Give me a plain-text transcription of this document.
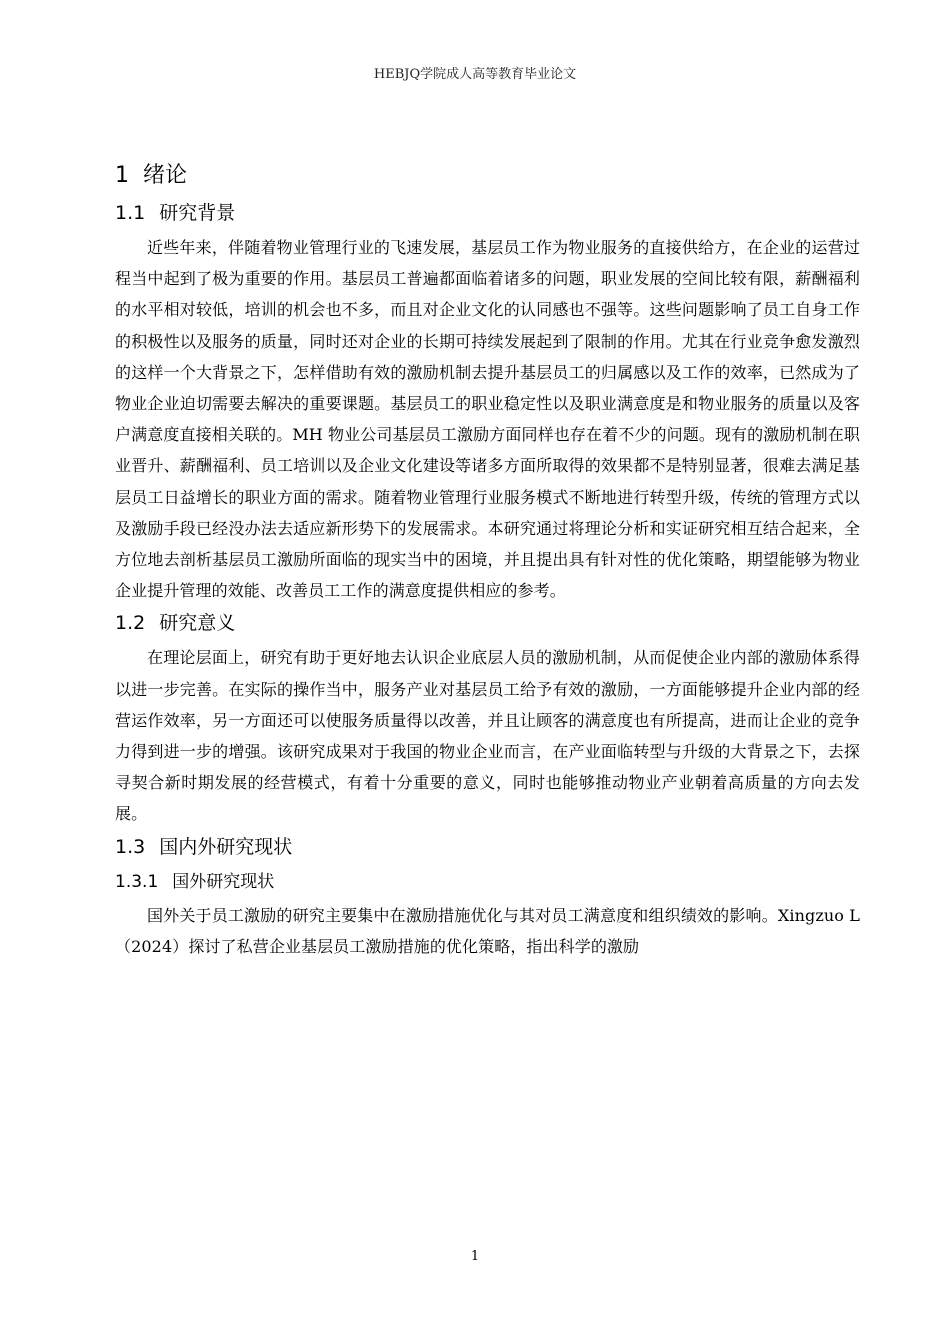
HEBJQ学院成人高等教育毕业论文
1 绪论
1.1 研究背景

近些年来，伴随着物业管理行业的飞速发展，基层员工作为物业服务的直接供给方，在企业的运营过程当中起到了极为重要的作用。基层员工普遍都面临着诸多的问题，职业发展的空间比较有限，薪酬福利的水平相对较低，培训的机会也不多，而且对企业文化的认同感也不强等。这些问题影响了员工自身工作的积极性以及服务的质量，同时还对企业的长期可持续发展起到了限制的作用。尤其在行业竞争愈发激烈的这样一个大背景之下，怎样借助有效的激励机制去提升基层员工的归属感以及工作的效率，已然成为了物业企业迫切需要去解决的重要课题。基层员工的职业稳定性以及职业满意度是和物业服务的质量以及客户满意度直接相关联的。MH 物业公司基层员工激励方面同样也存在着不少的问题。现有的激励机制在职业晋升、薪酬福利、员工培训以及企业文化建设等诸多方面所取得的效果都不是特别显著，很难去满足基层员工日益增长的职业方面的需求。随着物业管理行业服务模式不断地进行转型升级，传统的管理方式以及激励手段已经没办法去适应新形势下的发展需求。本研究通过将理论分析和实证研究相互结合起来，全方位地去剖析基层员工激励所面临的现实当中的困境，并且提出具有针对性的优化策略，期望能够为物业企业提升管理的效能、改善员工工作的满意度提供相应的参考。

1.2 研究意义

在理论层面上，研究有助于更好地去认识企业底层人员的激励机制，从而促使企业内部的激励体系得以进一步完善。在实际的操作当中，服务产业对基层员工给予有效的激励，一方面能够提升企业内部的经营运作效率，另一方面还可以使服务质量得以改善，并且让顾客的满意度也有所提高，进而让企业的竞争力得到进一步的增强。该研究成果对于我国的物业企业而言，在产业面临转型与升级的大背景之下，去探寻契合新时期发展的经营模式，有着十分重要的意义，同时也能够推动物业产业朝着高质量的方向去发展。

1.3 国内外研究现状
1.3.1 国外研究现状

国外关于员工激励的研究主要集中在激励措施优化与其对员工满意度和组织绩效的影响。Xingzuo L（2024）探讨了私营企业基层员工激励措施的优化策略，指出科学的激励

1
